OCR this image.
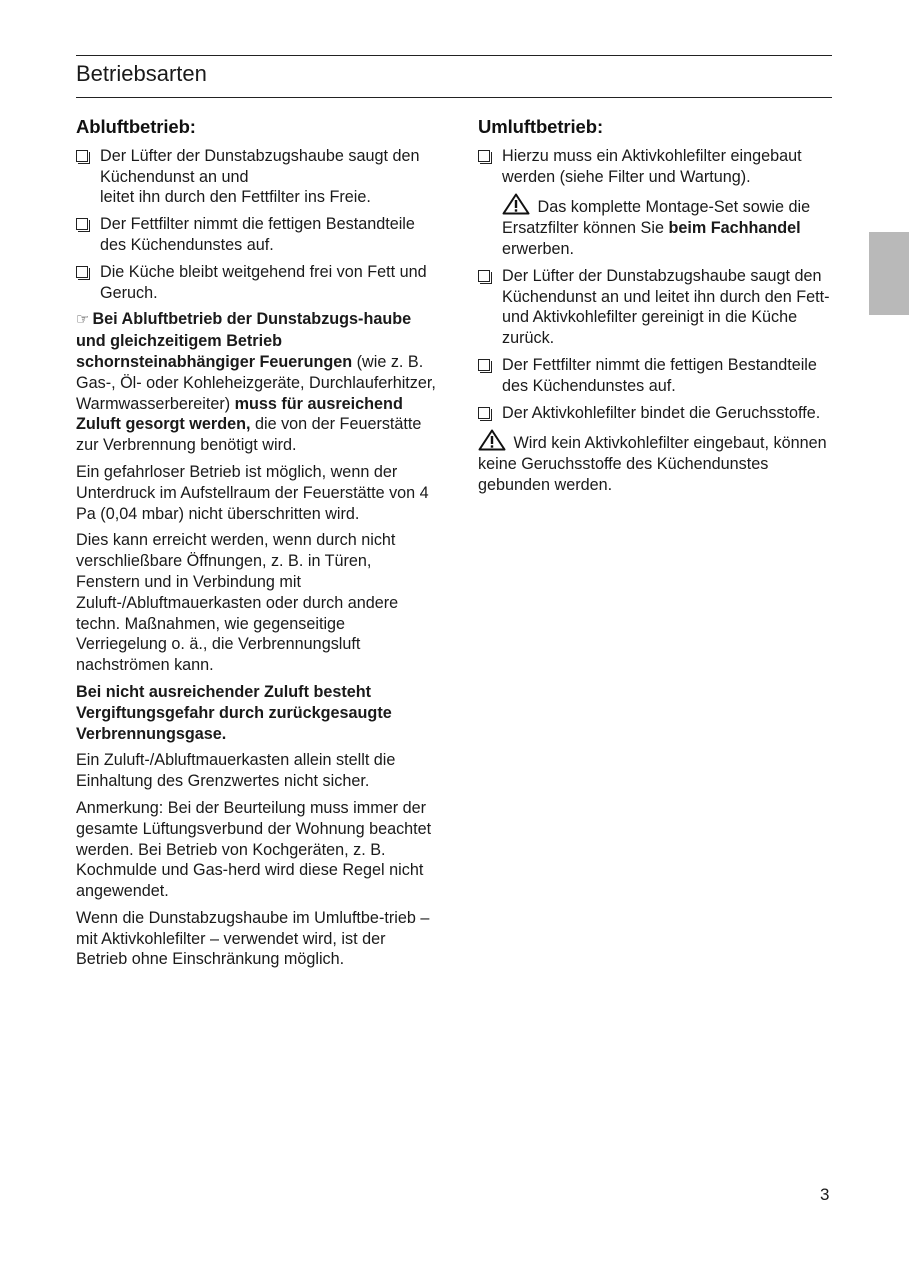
Betriebsarten
Abluftbetrieb:
Der Lüfter der Dunstabzugshaube saugt den Küchendunst an und
leitet ihn durch den Fettfilter ins Freie.
Der Fettfilter nimmt die fettigen Bestandteile des Küchendunstes auf.
Die Küche bleibt weitgehend frei von Fett und Geruch.

☞ Bei Abluftbetrieb der Dunstabzugs-haube und gleichzeitigem Betrieb schornsteinabhängiger Feuerungen (wie z. B. Gas-, Öl- oder Kohleheizgeräte, Durchlauferhitzer, Warmwasserbereiter) muss für ausreichend Zuluft gesorgt werden, die von der Feuerstätte zur Verbrennung benötigt wird.

Ein gefahrloser Betrieb ist möglich, wenn der Unterdruck im Aufstellraum der Feuerstätte von 4 Pa (0,04 mbar) nicht überschritten wird.

Dies kann erreicht werden, wenn durch nicht verschließbare Öffnungen, z. B. in Türen, Fenstern und in Verbindung mit Zuluft-/Abluftmauerkasten oder durch andere techn. Maßnahmen, wie gegenseitige Verriegelung o. ä., die Verbrennungsluft nachströmen kann.

Bei nicht ausreichender Zuluft besteht Vergiftungsgefahr durch zurückgesaugte Verbrennungsgase.

Ein Zuluft-/Abluftmauerkasten allein stellt die Einhaltung des Grenzwertes nicht sicher.

Anmerkung: Bei der Beurteilung muss immer der gesamte Lüftungsverbund der Wohnung beachtet werden. Bei Betrieb von Kochgeräten, z. B. Kochmulde und Gas-herd wird diese Regel nicht angewendet.

Wenn die Dunstabzugshaube im Umluftbe-trieb – mit Aktivkohlefilter – verwendet wird, ist der Betrieb ohne Einschränkung möglich.

Umluftbetrieb:
Hierzu muss ein Aktivkohlefilter eingebaut werden (siehe Filter und Wartung).
Das komplette Montage-Set sowie die Ersatzfilter können Sie beim Fachhandel erwerben.
Der Lüfter der Dunstabzugshaube saugt den Küchendunst an und leitet ihn durch den Fett- und Aktivkohlefilter gereinigt in die Küche zurück.
Der Fettfilter nimmt die fettigen Bestandteile des Küchendunstes auf.
Der Aktivkohlefilter bindet die Geruchsstoffe.

Wird kein Aktivkohlefilter eingebaut, können keine Geruchsstoffe des Küchendunstes gebunden werden.

3
